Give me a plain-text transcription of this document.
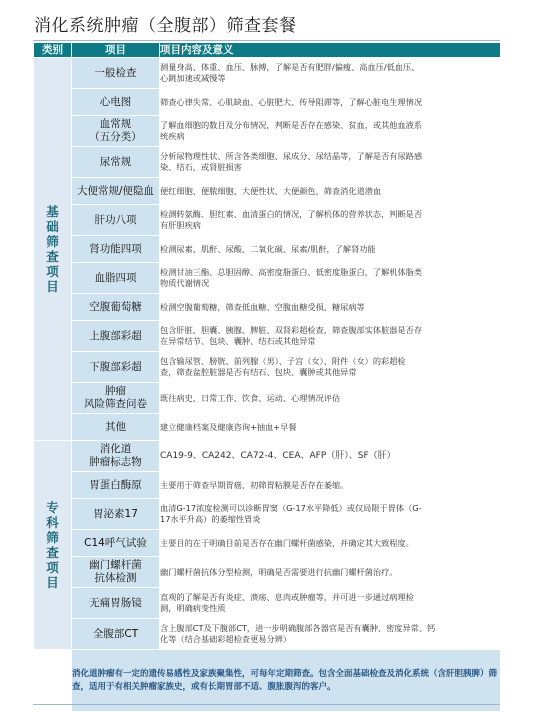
消化系统肿瘤（全腹部）筛查套餐
类别	项目	项目内容及意义
基础筛查项目	一般检查	测量身高、体重、血压、脉搏，了解是否有肥胖/偏瘦、高血压/低血压、
心跳加速或减慢等
	心电图	筛查心律失常、心肌缺血、心脏肥大、传导阻滞等，了解心脏电生理情况
	血常规
（五分类）	了解血细胞的数目及分布情况，判断是否存在感染、贫血，或其他血液系
统疾病
	尿常规	分析尿物理性状、所含各类细胞、尿成分、尿结晶等，了解是否有尿路感
染、结石，或肾脏损害
	大便常规/便隐血	便红细胞、便脓细胞、大便性状、大便颜色，筛查消化道潜血
	肝功八项	检测转氨酶、胆红素、血清蛋白的情况，了解机体的营养状态，判断是否
有肝胆疾病
	肾功能四项	检测尿素、肌酐、尿酸、二氧化碳、尿素/肌酐，了解肾功能
	血脂四项	检测甘油三酯、总胆固醇、高密度脂蛋白、低密度脂蛋白，了解机体脂类
物质代谢情况
	空腹葡萄糖	检测空腹葡萄糖，筛查低血糖、空腹血糖受损、糖尿病等
	上腹部彩超	包含肝脏、胆囊、胰腺、脾脏、双肾彩超检查，筛查腹部实体脏器是否存
在异常结节、包块、囊肿、结石或其他异常
	下腹部彩超	包含输尿管、膀胱、前列腺（男）、子宫（女）、附件（女）的彩超检
查，筛查盆腔脏器是否有结石、包块、囊肿或其他异常
	肿瘤
风险筛查问卷	既往病史，日常工作、饮食、运动、心理情况评估
	其他	建立健康档案及健康咨询+抽血+早餐
专科筛查项目	消化道
肿瘤标志物	CA19-9、CA242、CA72-4、CEA、AFP（肝）、SF（肝）
	胃蛋白酶原	主要用于筛查早期胃癌，初筛胃粘膜是否存在萎缩。
	胃泌素17	血清G-17浓度检测可以诊断胃窦（G-17水平降低）或仅局限于胃体（G-
17水平升高）的萎缩性胃炎
	C14呼气试验	主要目的在于明确目前是否存在幽门螺杆菌感染，并确定其大致程度。
	幽门螺杆菌
抗体检测	幽门螺杆菌抗体分型检测，明确是否需要进行抗幽门螺杆菌治疗。
	无痛胃肠镜	直观的了解是否有炎症、溃疡、息肉或肿瘤等，并可进一步通过病理检
测，明确病变性质
	全腹部CT	含上腹部CT及下腹部CT，进一步明确腹部各器官是否有囊肿、密度异常、钙
化等（结合基础彩超检查更易分辨）
	消化道肿瘤有一定的遗传易感性及家族聚集性，可每年定期筛查。包含全面基础检查及消化系统（含肝胆胰脾）筛查，适用于有相关肿瘤家族史，或有长期胃部不适、腹胀腹泻的客户。	
